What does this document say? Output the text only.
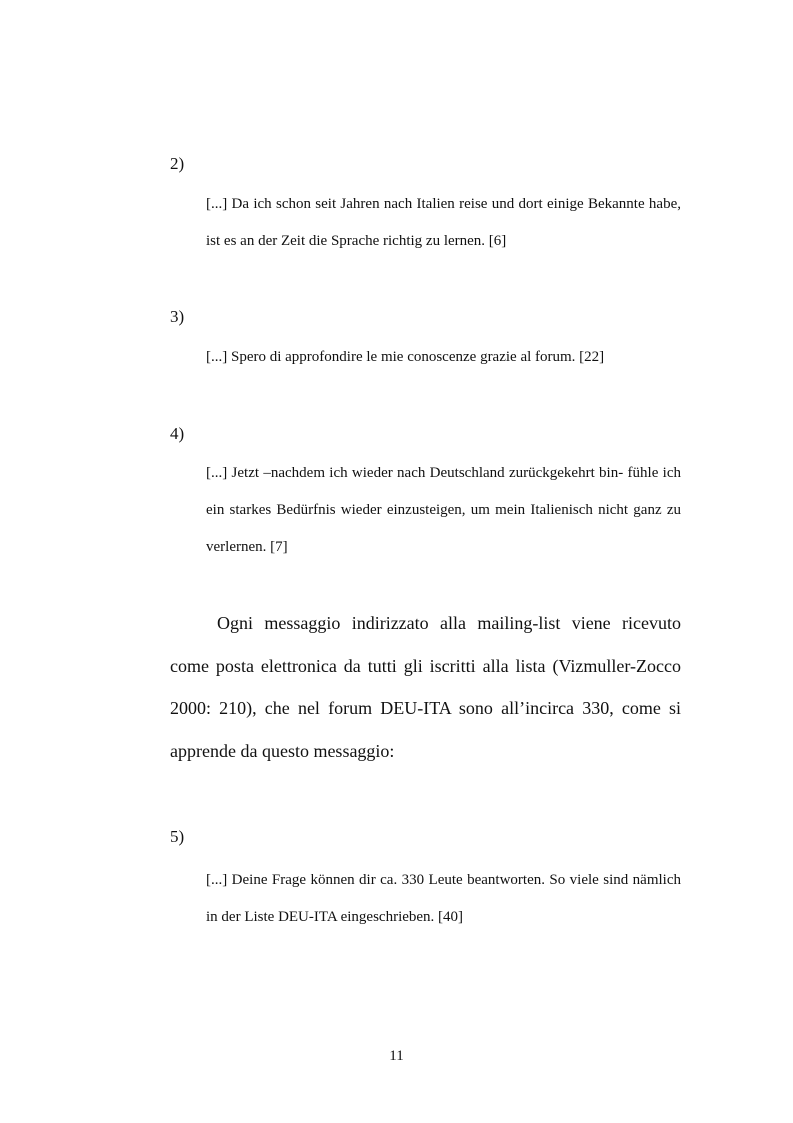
2)
[...] Da ich schon seit Jahren nach Italien reise und dort einige Bekannte habe, ist es an der Zeit die Sprache richtig zu lernen. [6]
3)
[...] Spero di approfondire le mie conoscenze grazie al forum. [22]
4)
[...] Jetzt –nachdem ich wieder nach Deutschland zurückgekehrt bin- fühle ich ein starkes Bedürfnis wieder einzusteigen, um mein Italienisch nicht ganz zu verlernen. [7]
Ogni messaggio indirizzato alla mailing-list viene ricevuto come posta elettronica da tutti gli iscritti alla lista (Vizmuller-Zocco 2000: 210), che nel forum DEU-ITA sono all’incirca 330, come si apprende da questo messaggio:
5)
[...] Deine Frage können dir ca. 330 Leute beantworten. So viele sind nämlich in der Liste DEU-ITA eingeschrieben. [40]
11
